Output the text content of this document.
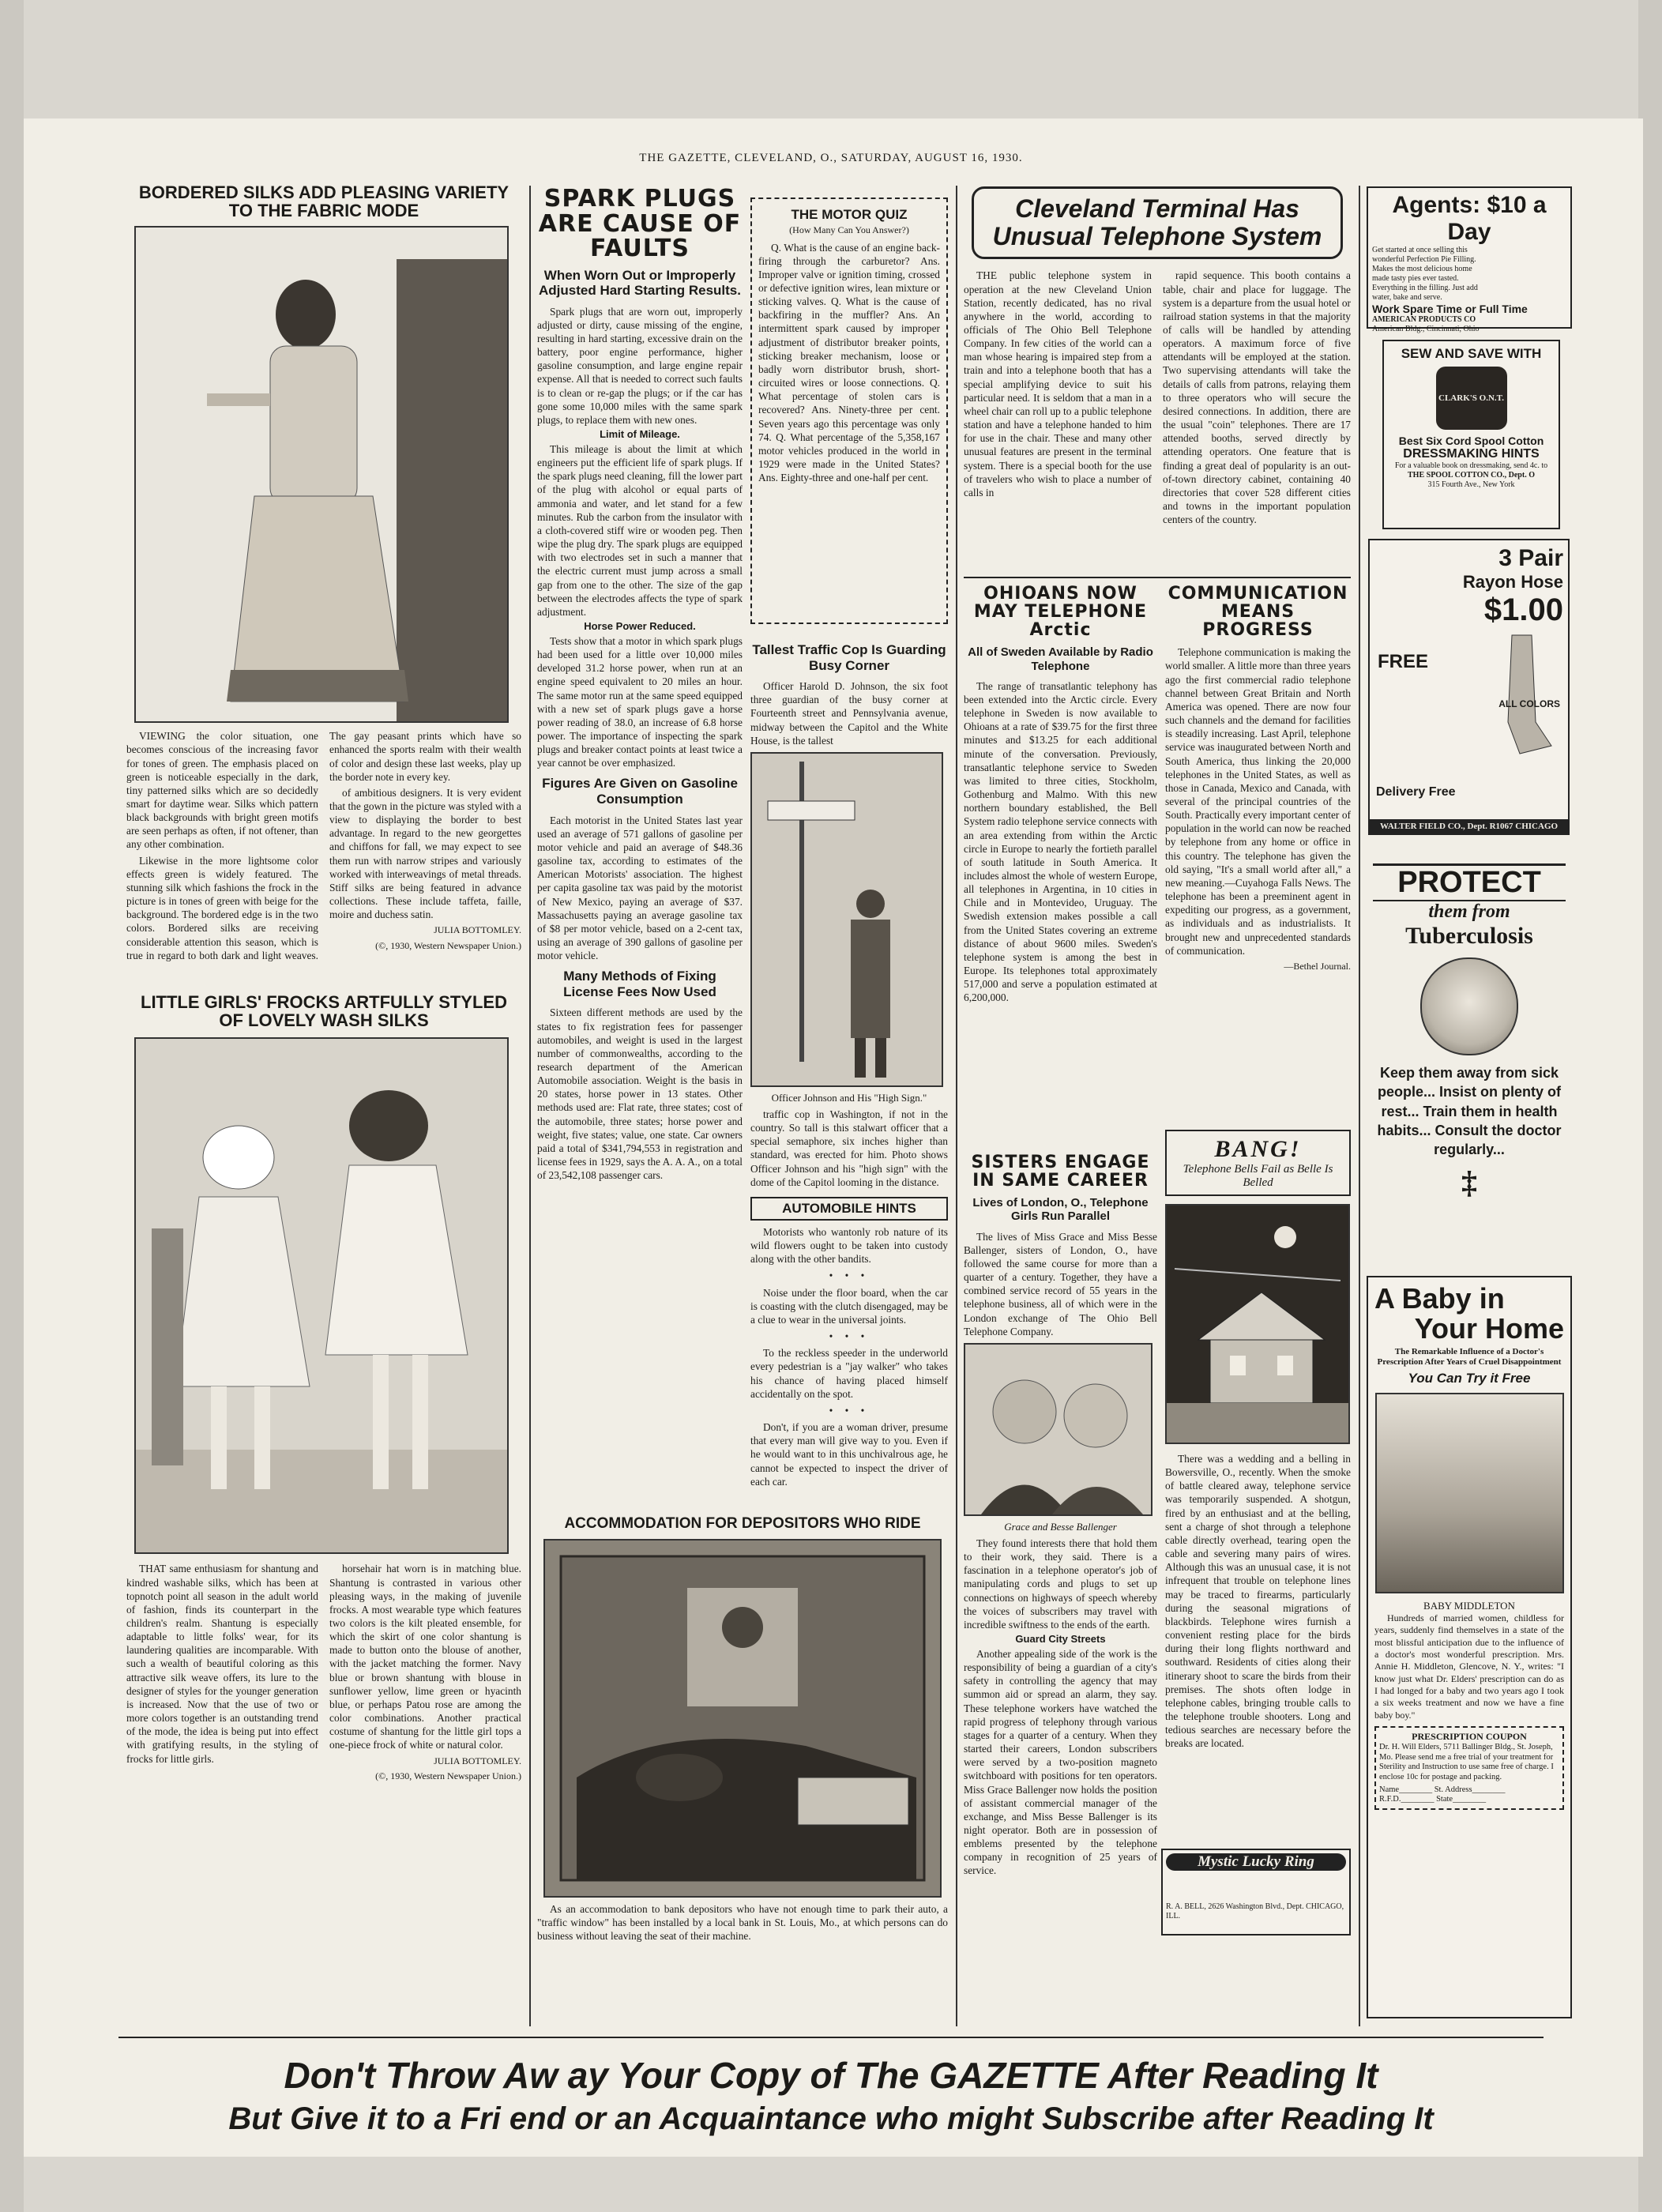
THE GAZETTE, CLEVELAND, O., SATURDAY, AUGUST 16, 1930.
BORDERED SILKS ADD PLEASING VARIETY TO THE FABRIC MODE

VIEWING the color situation, one becomes conscious of the increasing favor for tones of green. The emphasis placed on green is noticeable especially in the dark, tiny patterned silks which are so decidedly smart for daytime wear. Silks which pattern black backgrounds with bright green motifs are seen perhaps as often, if not oftener, than any other combination.

Likewise in the more lightsome color effects green is widely featured. The stunning silk which fashions the frock in the picture is in tones of green with beige for the background. The bordered edge is in the two colors. Bordered silks are receiving considerable attention this season, which is true in regard to both dark and light weaves. The gay peasant prints which have so enhanced the sports realm with their wealth of color and design these last weeks, play up the border note in every key.

of ambitious designers. It is very evident that the gown in the picture was styled with a view to displaying the border to best advantage. In regard to the new georgettes and chiffons for fall, we may expect to see them run with narrow stripes and variously worked with interweavings of metal threads. Stiff silks are being featured in advance collections. These include taffeta, faille, moire and duchess satin.

JULIA BOTTOMLEY.
(©, 1930, Western Newspaper Union.)
LITTLE GIRLS' FROCKS ARTFULLY STYLED OF LOVELY WASH SILKS

THAT same enthusiasm for shantung and kindred washable silks, which has been at topnotch point all season in the adult world of fashion, finds its counterpart in the children's realm. Shantung is especially adaptable to little folks' wear, for its laundering qualities are incomparable. With such a wealth of beautiful coloring as this attractive silk weave offers, its lure to the designer of styles for the younger generation is increased. Now that the use of two or more colors together is an outstanding trend of the mode, the idea is being put into effect with gratifying results, in the styling of frocks for little girls.

horsehair hat worn is in matching blue. Shantung is contrasted in various other pleasing ways, in the making of juvenile frocks. A most wearable type which features two colors is the kilt pleated ensemble, for which the skirt of one color shantung is made to button onto the blouse of another, with the jacket matching the former. Navy blue or brown shantung with blouse in sunflower yellow, lime green or hyacinth blue, or perhaps Patou rose are among the color combinations. Another practical costume of shantung for the little girl tops a one-piece frock of white or natural color.

JULIA BOTTOMLEY.
(©, 1930, Western Newspaper Union.)
SPARK PLUGS ARE CAUSE OF FAULTS
When Worn Out or Improperly Adjusted Hard Starting Results.

Spark plugs that are worn out, improperly adjusted or dirty, cause missing of the engine, resulting in hard starting, excessive drain on the battery, poor engine performance, higher gasoline consumption, and large engine repair expense. All that is needed to correct such faults is to clean or re-gap the plugs; or if the car has gone some 10,000 miles with the same spark plugs, to replace them with new ones.

Limit of Mileage.

This mileage is about the limit at which engineers put the efficient life of spark plugs. If the spark plugs need cleaning, fill the lower part of the plug with alcohol or equal parts of ammonia and water, and let stand for a few minutes. Rub the carbon from the insulator with a cloth-covered stiff wire or wooden peg. Then wipe the plug dry. The spark plugs are equipped with two electrodes set in such a manner that the electric current must jump across a small gap from one to the other. The size of the gap between the electrodes affects the type of spark adjustment.

Horse Power Reduced.

Tests show that a motor in which spark plugs had been used for a little over 10,000 miles developed 31.2 horse power, when run at an engine speed equivalent to 20 miles an hour. The same motor run at the same speed equipped with a new set of spark plugs gave a horse power reading of 38.0, an increase of 6.8 horse power. The importance of inspecting the spark plugs and breaker contact points at least twice a year cannot be over emphasized.

Figures Are Given on Gasoline Consumption

Each motorist in the United States last year used an average of 571 gallons of gasoline per motor vehicle and paid an average of $48.36 gasoline tax, according to estimates of the American Motorists' association. The highest per capita gasoline tax was paid by the motorist of New Mexico, paying an average of $37. Massachusetts paying an average gasoline tax of $8 per motor vehicle, based on a 2-cent tax, using an average of 390 gallons of gasoline per motor vehicle.

Many Methods of Fixing License Fees Now Used

Sixteen different methods are used by the states to fix registration fees for passenger automobiles, and weight is used in the largest number of commonwealths, according to the research department of the American Automobile association. Weight is the basis in 20 states, horse power in 13 states. Other methods used are: Flat rate, three states; cost of the automobile, three states; horse power and weight, five states; value, one state. Car owners paid a total of $341,794,553 in registration and license fees in 1929, says the A. A. A., on a total of 23,542,108 passenger cars.

THE MOTOR QUIZ
(How Many Can You Answer?)

Q. What is the cause of an engine back-firing through the carburetor? Ans. Improper valve or ignition timing, crossed or defective ignition wires, lean mixture or sticking valves. Q. What is the cause of backfiring in the muffler? Ans. An intermittent spark caused by improper adjustment of distributor breaker points, sticking breaker mechanism, loose or badly worn distributor brush, short-circuited wires or loose connections. Q. What percentage of stolen cars is recovered? Ans. Ninety-three per cent. Seven years ago this percentage was only 74. Q. What percentage of the 5,358,167 motor vehicles produced in the world in 1929 were made in the United States? Ans. Eighty-three and one-half per cent.

Tallest Traffic Cop Is Guarding Busy Corner

Officer Harold D. Johnson, the six foot three guardian of the busy corner at Fourteenth street and Pennsylvania avenue, midway between the Capitol and the White House, is the tallest

Officer Johnson and His "High Sign."

traffic cop in Washington, if not in the country. So tall is this stalwart officer that a special semaphore, six inches higher than standard, was erected for him. Photo shows Officer Johnson and his "high sign" with the dome of the Capitol looming in the distance.

AUTOMOBILE HINTS

Motorists who wantonly rob nature of its wild flowers ought to be taken into custody along with the other bandits.

• • •

Noise under the floor board, when the car is coasting with the clutch disengaged, may be a clue to wear in the universal joints.

• • •

To the reckless speeder in the underworld every pedestrian is a "jay walker" who takes his chance of having placed himself accidentally on the spot.

• • •

Don't, if you are a woman driver, presume that every man will give way to you. Even if he would want to in this unchivalrous age, he cannot be expected to inspect the driver of each car.

ACCOMMODATION FOR DEPOSITORS WHO RIDE

As an accommodation to bank depositors who have not enough time to park their auto, a "traffic window" has been installed by a local bank in St. Louis, Mo., at which persons can do business without leaving the seat of their machine.

Cleveland Terminal Has
Unusual Telephone System

THE public telephone system in operation at the new Cleveland Union Station, recently dedicated, has no rival anywhere in the world, according to officials of The Ohio Bell Telephone Company. In few cities of the world can a man whose hearing is impaired step from a train and into a telephone booth that has a special amplifying device to suit his particular need. It is seldom that a man in a wheel chair can roll up to a public telephone station and have a telephone handed to him for use in the chair. These and many other unusual features are present in the terminal system. There is a special booth for the use of travelers who wish to place a number of calls in

rapid sequence. This booth contains a table, chair and place for luggage. The system is a departure from the usual hotel or railroad station systems in that the majority of calls will be handled by attending operators. A maximum force of five attendants will be employed at the station. Two supervising attendants will take the details of calls from patrons, relaying them to three operators who will secure the desired connections. In addition, there are the usual "coin" telephones. There are 17 attended booths, served directly by attending operators. One feature that is finding a great deal of popularity is an out-of-town directory cabinet, containing 40 directories that cover 528 different cities and towns in the important population centers of the country.

OHIOANS NOW MAY TELEPHONE Arctic
All of Sweden Available by Radio Telephone

The range of transatlantic telephony has been extended into the Arctic circle. Every telephone in Sweden is now available to Ohioans at a rate of $39.75 for the first three minutes and $13.25 for each additional minute of the conversation. Previously, transatlantic telephone service to Sweden was limited to three cities, Stockholm, Gothenburg and Malmo. With this new northern boundary established, the Bell System radio telephone service connects with an area extending from within the Arctic circle in Europe to nearly the fortieth parallel of south latitude in South America. It includes almost the whole of western Europe, all telephones in Argentina, in 10 cities in Chile and in Montevideo, Uruguay. The Swedish extension makes possible a call from the United States covering an extreme distance of about 9600 miles. Sweden's telephone system is among the best in Europe. Its telephones total approximately 517,000 and serve a population estimated at 6,200,000.

SISTERS ENGAGE IN SAME CAREER
Lives of London, O., Telephone Girls Run Parallel

The lives of Miss Grace and Miss Besse Ballenger, sisters of London, O., have followed the same course for more than a quarter of a century. Together, they have a combined service record of 55 years in the telephone business, all of which were in the London exchange of The Ohio Bell Telephone Company.

Grace and Besse Ballenger

They found interests there that hold them to their work, they said. There is a fascination in a telephone operator's job of manipulating cords and plugs to set up connections on highways of speech whereby the voices of subscribers may travel with incredible swiftness to the ends of the earth.

Guard City Streets

Another appealing side of the work is the responsibility of being a guardian of a city's safety in controlling the agency that may summon aid or spread an alarm, they say. These telephone workers have watched the rapid progress of telephony through various stages for a quarter of a century. When they started their careers, London subscribers were served by a two-position magneto switchboard with positions for ten operators. Miss Grace Ballenger now holds the position of assistant commercial manager of the exchange, and Miss Besse Ballenger is its night operator. Both are in possession of emblems presented by the telephone company in recognition of 25 years of service.

COMMUNICATION MEANS PROGRESS

Telephone communication is making the world smaller. A little more than three years ago the first commercial radio telephone channel between Great Britain and North America was opened. There are now four such channels and the demand for facilities is steadily increasing. Last April, telephone service was inaugurated between North and South America, thus linking the 20,000 telephones in the United States, as well as those in Canada, Mexico and Canada, with several of the principal countries of the South. Practically every important center of population in the world can now be reached by telephone from any home or office in this country. The telephone has given the old saying, "It's a small world after all," a new meaning.—Cuyahoga Falls News. The telephone has been a preeminent agent in expediting our progress, as a government, as individuals and as industrialists. It brought new and unprecedented standards of communication.

—Bethel Journal.
BANG!
Telephone Bells Fail as Belle Is Belled

There was a wedding and a belling in Bowersville, O., recently. When the smoke of battle cleared away, telephone service was temporarily suspended. A shotgun, fired by an enthusiast and at the belling, sent a charge of shot through a telephone cable directly overhead, tearing open the cable and severing many pairs of wires. Although this was an unusual case, it is not infrequent that trouble on telephone lines may be traced to firearms, particularly during the seasonal migrations of blackbirds. Telephone wires furnish a convenient resting place for the birds during their long flights northward and southward. Residents of cities along their itinerary shoot to scare the birds from their premises. The shots often lodge in telephone cables, bringing trouble calls to the telephone trouble shooters. Long and tedious searches are necessary before the breaks are located.

Mystic Lucky Ring
R. A. BELL, 2626 Washington Blvd., Dept. CHICAGO, ILL.
Agents: $10 a Day
Get started at once selling this wonderful Perfection Pie Filling. Makes the most delicious home made tasty pies ever tasted. Everything in the filling. Just add water, bake and serve.
Work Spare Time or Full Time
AMERICAN PRODUCTS CO
American Bldg., Cincinnati, Ohio
SEW AND SAVE WITH
CLARK'S O.N.T.
Best Six Cord Spool Cotton
DRESSMAKING HINTS
For a valuable book on dressmaking, send 4c. to
THE SPOOL COTTON CO., Dept. O
315 Fourth Ave., New York
3 Pair
Rayon Hose
$1.00
FREE
ALL COLORS
Delivery Free
WALTER FIELD CO., Dept. R1067 CHICAGO
PROTECT
them from
Tuberculosis
Keep them away from sick people... Insist on plenty of rest... Train them in health habits... Consult the doctor regularly...
‡
A Baby in
Your Home
The Remarkable Influence of a Doctor's Prescription After Years of Cruel Disappointment
You Can Try it Free
BABY MIDDLETON

Hundreds of married women, childless for years, suddenly find themselves in a state of the most blissful anticipation due to the influence of a doctor's most wonderful prescription. Mrs. Annie H. Middleton, Glencove, N. Y., writes: "I know just what Dr. Elders' prescription can do as I had longed for a baby and two years ago I took a six weeks treatment and now we have a fine baby boy."

PRESCRIPTION COUPON
Dr. H. Will Elders, 5711 Ballinger Bldg., St. Joseph, Mo. Please send me a free trial of your treatment for Sterility and Instruction to use same free of charge. I enclose 10c for postage and packing.
Name________ St. Address________ R.F.D.________ State________
Don't Throw Aw ay Your Copy of The GAZETTE After Reading It
But Give it to a Fri end or an Acquaintance who might Subscribe after Reading It
